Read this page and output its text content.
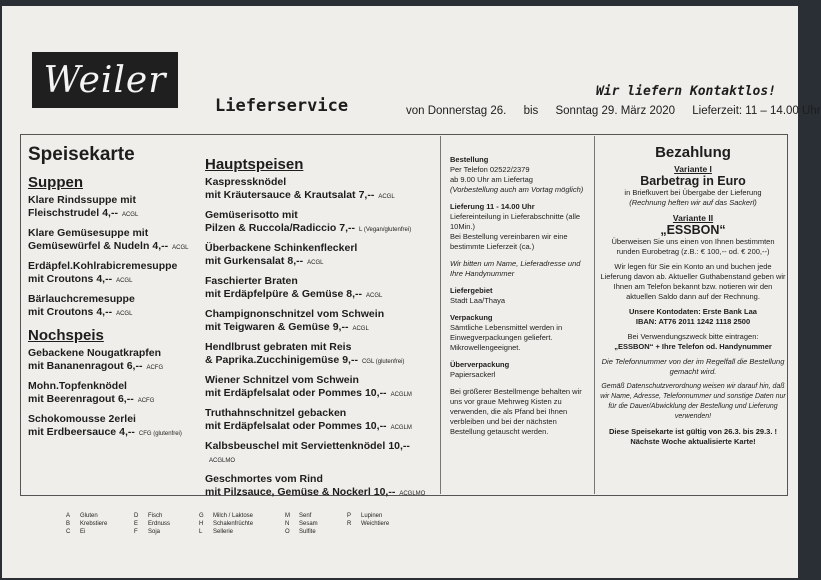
Weiler
Lieferservice
Wir liefern Kontaktlos!
von Donnerstag 26. bis Sonntag 29. März 2020 Lieferzeit: 11 – 14.00 Uhr
Speisekarte
Suppen
Klare Rindssuppe mit
Fleischstrudel 4,-- ACGL
Klare Gemüsesuppe mit
Gemüsewürfel & Nudeln 4,-- ACGL
Erdäpfel.Kohlrabicremesuppe
mit Croutons 4,-- ACGL
Bärlauchcremesuppe
mit Croutons 4,-- ACGL
Nochspeis
Gebackene Nougatkrapfen
mit Bananenragout 6,-- ACFG
Mohn.Topfenknödel
mit Beerenragout 6,-- ACFG
Schokomousse 2erlei
mit Erdbeersauce 4,-- CFG (glutenfrei)
Hauptspeisen
Kaspressknödel
mit Kräutersauce & Krautsalat 7,-- ACGL
Gemüserisotto mit
Pilzen & Ruccola/Radiccio 7,-- L (Vegan/glutenfrei)
Überbackene Schinkenfleckerl
mit Gurkensalat 8,-- ACGL
Faschierter Braten
mit Erdäpfelpüre & Gemüse 8,-- ACGL
Champignonschnitzel vom Schwein
mit Teigwaren & Gemüse 9,-- ACGL
Hendlbrust gebraten mit Reis
& Paprika.Zucchinigemüse 9,-- CGL (glutenfrei)
Wiener Schnitzel vom Schwein
mit Erdäpfelsalat oder Pommes 10,-- ACGLM
Truthahnschnitzel gebacken
mit Erdäpfelsalat oder Pommes 10,-- ACGLM
Kalbsbeuschel mit Serviettenknödel 10,--ACGLMO
Geschmortes vom Rind
mit Pilzsauce, Gemüse & Nockerl 10,-- ACGLMO
Bestellung
Per Telefon 02522/2379
ab 9.00 Uhr am Liefertag
(Vorbestellung auch am Vortag möglich)
Lieferung 11 - 14.00 Uhr
Liefereinteilung in Lieferabschnitte (alle 10Min.)
Bei Bestellung vereinbaren wir eine bestimmte Lieferzeit (ca.)
Wir bitten um Name, Lieferadresse und Ihre Handynummer
Liefergebiet
Stadt Laa/Thaya
Verpackung
Sämtliche Lebensmittel werden in Einwegverpackungen geliefert. Mikrowellengeeignet.
Überverpackung
Papiersackerl
Bei größerer Bestellmenge behalten wir uns vor graue Mehrweg Kisten zu verwenden, die als Pfand bei Ihnen verbleiben und bei der nächsten Bestellung getauscht werden.
Bezahlung
Variante I
Barbetrag in Euro
in Briefkuvert bei Übergabe der Lieferung
(Rechnung heften wir auf das Sackerl)
Variante II
„ESSBON“
Überweisen Sie uns einen von Ihnen bestimmten runden Eurobetrag (z.B.: € 100,-- od. € 200,--)
Wir legen für Sie ein Konto an und buchen jede Lieferung davon ab. Aktueller Guthabenstand geben wir Ihnen am Telefon bekannt bzw. notieren wir den aktuellen Saldo dann auf der Rechnung.
Unsere Kontodaten: Erste Bank Laa
IBAN: AT76 2011 1242 1118 2500
Bei Verwendungszweck bitte eintragen:
„ESSBON“ + Ihre Telefon od. Handynummer
Die Telefonnummer von der im Regelfall die Bestellung gemacht wird.
Gemäß Datenschutzverordnung weisen wir darauf hin, daß wir Name, Adresse, Telefonnummer und sonstige Daten nur für die Dauer/Abwicklung der Bestellung und Lieferung verwenden!
Diese Speisekarte ist gültig von 26.3. bis 29.3. !
Nächste Woche aktualisierte Karte!
A Gluten
B Krebstiere
C Ei
D Fisch
E Erdnuss
F Soja
G Milch / Laktose
H Schalenfrüchte
L Sellerie
M Senf
N Sesam
O Sulfite
P Lupinen
R Weichtiere
